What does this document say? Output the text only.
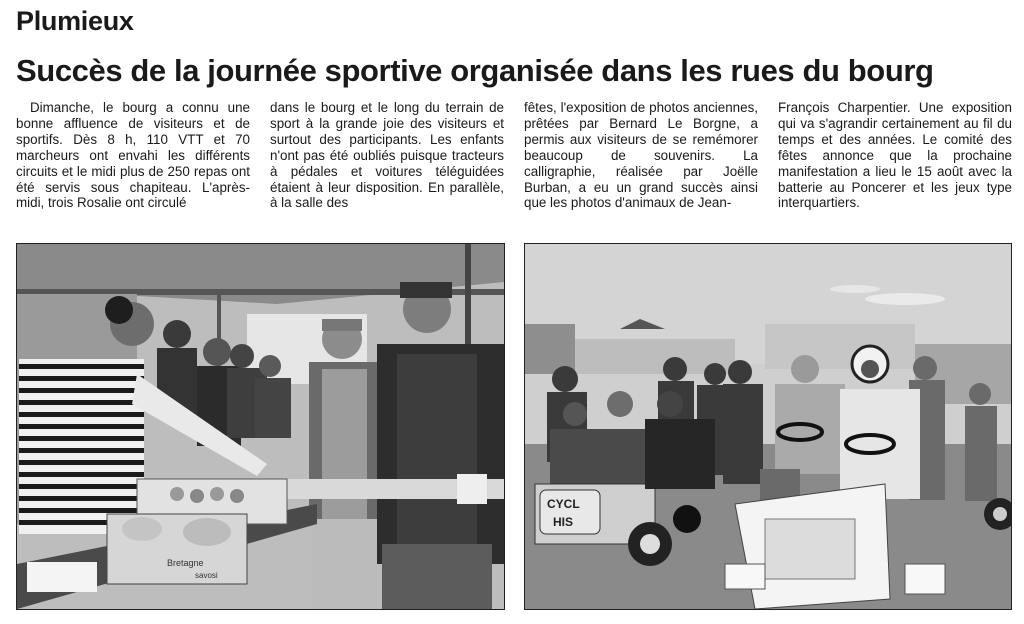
Plumieux
Succès de la journée sportive organisée dans les rues du bourg

Dimanche, le bourg a connu une bonne affluence de visiteurs et de sportifs. Dès 8 h, 110 VTT et 70 marcheurs ont envahi les différents circuits et le midi plus de 250 repas ont été servis sous chapiteau. L'après-midi, trois Rosalie ont circulé

dans le bourg et le long du terrain de sport à la grande joie des visiteurs et surtout des participants. Les enfants n'ont pas été oubliés puisque tracteurs à pédales et voitures téléguidées étaient à leur disposition. En parallèle, à la salle des

fêtes, l'exposition de photos anciennes, prêtées par Bernard Le Borgne, a permis aux visiteurs de se remémorer beaucoup de souvenirs. La calligraphie, réalisée par Joëlle Burban, a eu un grand succès ainsi que les photos d'animaux de Jean-

François Charpentier. Une exposition qui va s'agrandir certainement au fil du temps et des années. Le comité des fêtes annonce que la prochaine manifestation a lieu le 15 août avec la batterie au Poncerer et les jeux type interquartiers.

Bretagne
savosi
CYCL
HIS
